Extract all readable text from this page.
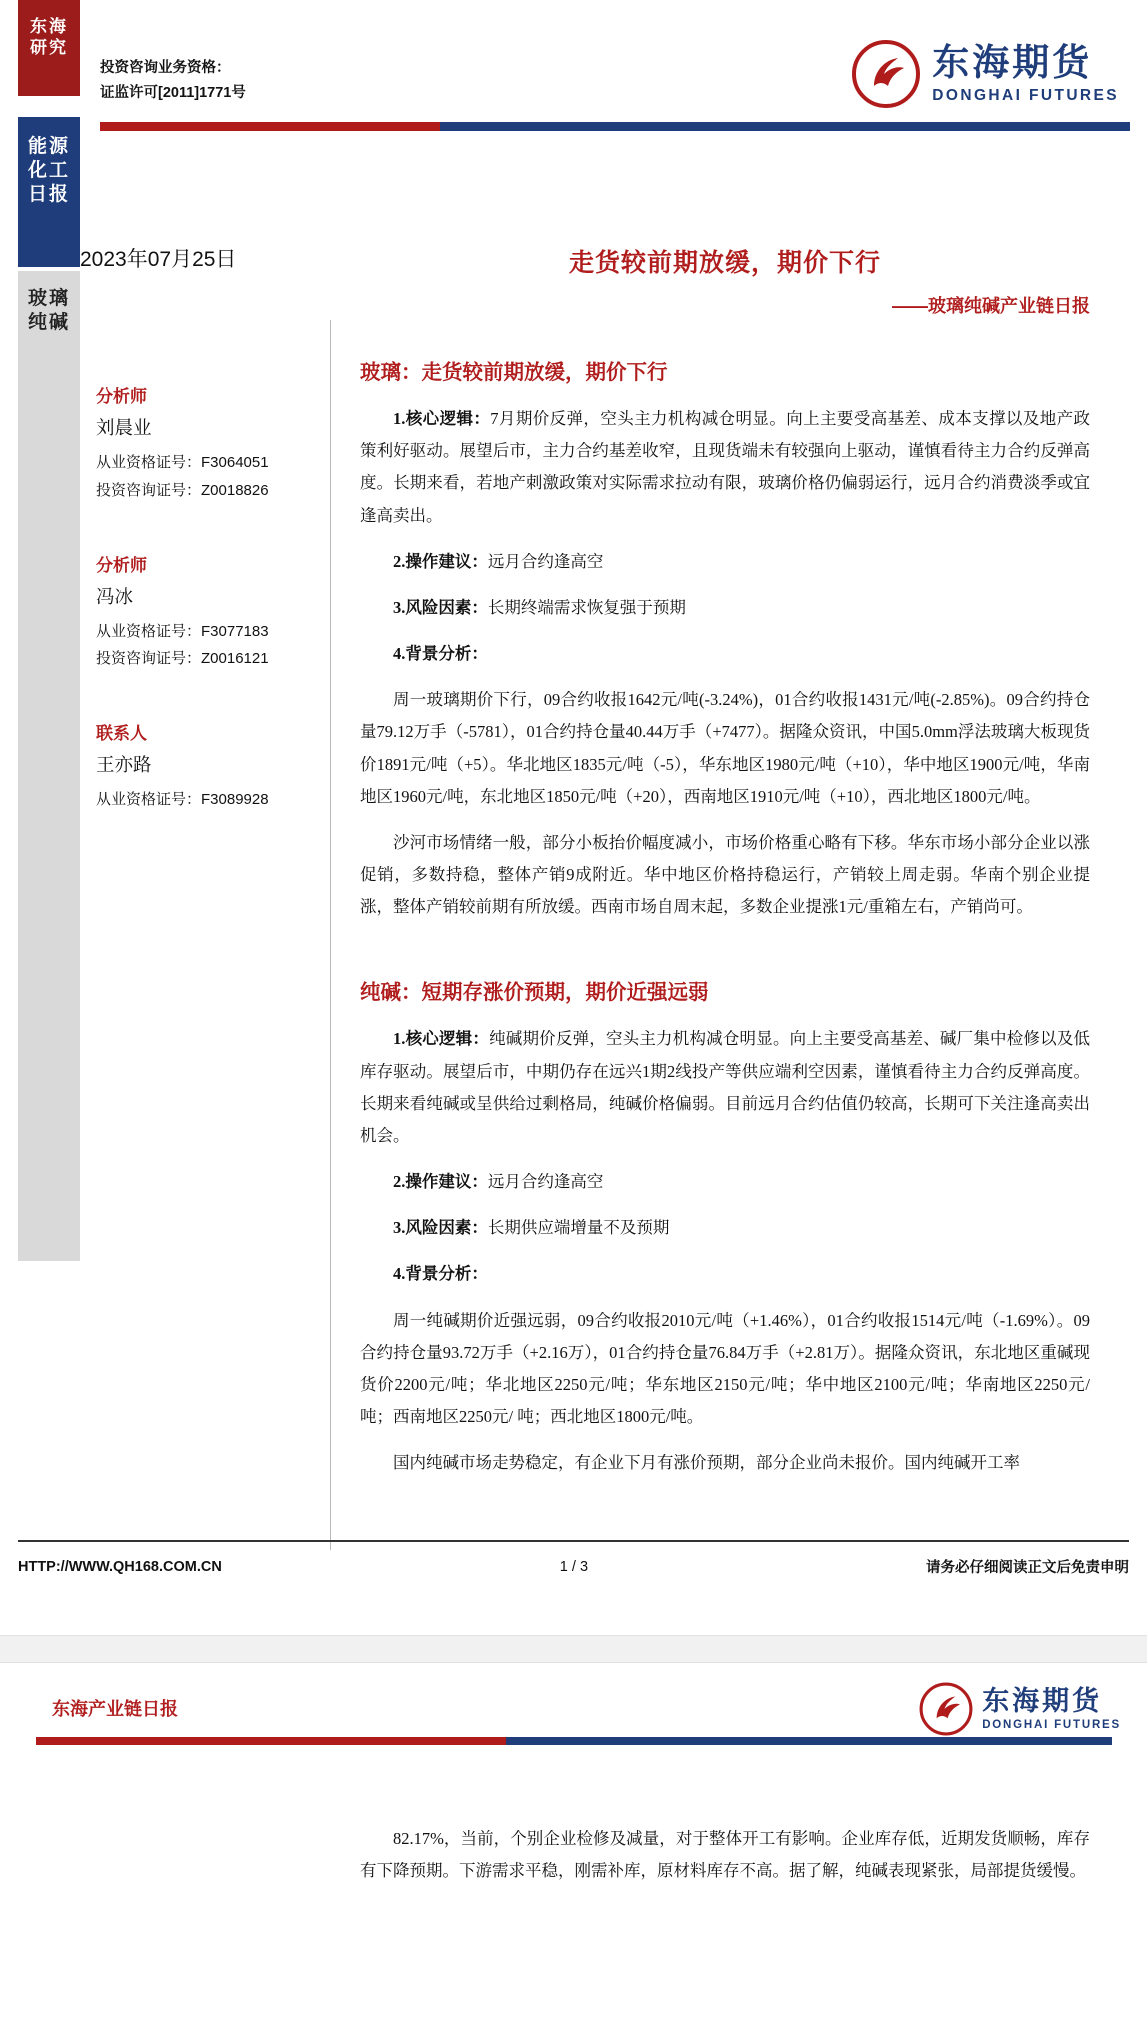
东海研究
能源化工日报
玻璃纯碱
投资咨询业务资格：
证监许可[2011]1771号
东海期货
DONGHAI FUTURES
2023年07月25日	走货较前期放缓，期价下行
——玻璃纯碱产业链日报
分析师
刘晨业
从业资格证号：F3064051
投资咨询证号：Z0018826
分析师
冯冰
从业资格证号：F3077183
投资咨询证号：Z0016121
联系人
王亦路
从业资格证号：F3089928
玻璃：走货较前期放缓，期价下行

1.核心逻辑：7月期价反弹，空头主力机构减仓明显。向上主要受高基差、成本支撑以及地产政策利好驱动。展望后市，主力合约基差收窄，且现货端未有较强向上驱动，谨慎看待主力合约反弹高度。长期来看，若地产刺激政策对实际需求拉动有限，玻璃价格仍偏弱运行，远月合约消费淡季或宜逢高卖出。

2.操作建议：远月合约逢高空

3.风险因素：长期终端需求恢复强于预期

4.背景分析：

周一玻璃期价下行，09合约收报1642元/吨(-3.24%)，01合约收报1431元/吨(-2.85%)。09合约持仓量79.12万手（-5781），01合约持仓量40.44万手（+7477）。据隆众资讯，中国5.0mm浮法玻璃大板现货价1891元/吨（+5）。华北地区1835元/吨（-5），华东地区1980元/吨（+10），华中地区1900元/吨，华南地区1960元/吨，东北地区1850元/吨（+20），西南地区1910元/吨（+10），西北地区1800元/吨。

沙河市场情绪一般，部分小板抬价幅度减小，市场价格重心略有下移。华东市场小部分企业以涨促销，多数持稳，整体产销9成附近。华中地区价格持稳运行，产销较上周走弱。华南个别企业提涨，整体产销较前期有所放缓。西南市场自周末起，多数企业提涨1元/重箱左右，产销尚可。

纯碱：短期存涨价预期，期价近强远弱

1.核心逻辑：纯碱期价反弹，空头主力机构减仓明显。向上主要受高基差、碱厂集中检修以及低库存驱动。展望后市，中期仍存在远兴1期2线投产等供应端利空因素，谨慎看待主力合约反弹高度。长期来看纯碱或呈供给过剩格局，纯碱价格偏弱。目前远月合约估值仍较高，长期可下关注逢高卖出机会。

2.操作建议：远月合约逢高空

3.风险因素：长期供应端增量不及预期

4.背景分析：

周一纯碱期价近强远弱，09合约收报2010元/吨（+1.46%），01合约收报1514元/吨（-1.69%）。09合约持仓量93.72万手（+2.16万），01合约持仓量76.84万手（+2.81万）。据隆众资讯，东北地区重碱现货价2200元/吨；华北地区2250元/吨；华东地区2150元/吨；华中地区2100元/吨；华南地区2250元/吨；西南地区2250元/ 吨；西北地区1800元/吨。

国内纯碱市场走势稳定，有企业下月有涨价预期，部分企业尚未报价。国内纯碱开工率

HTTP://WWW.QH168.COM.CN	1 / 3	请务必仔细阅读正文后免责申明
东海产业链日报	东海期货
DONGHAI FUTURES

82.17%，当前，个别企业检修及减量，对于整体开工有影响。企业库存低，近期发货顺畅，库存有下降预期。下游需求平稳，刚需补库，原材料库存不高。据了解，纯碱表现紧张，局部提货缓慢。
